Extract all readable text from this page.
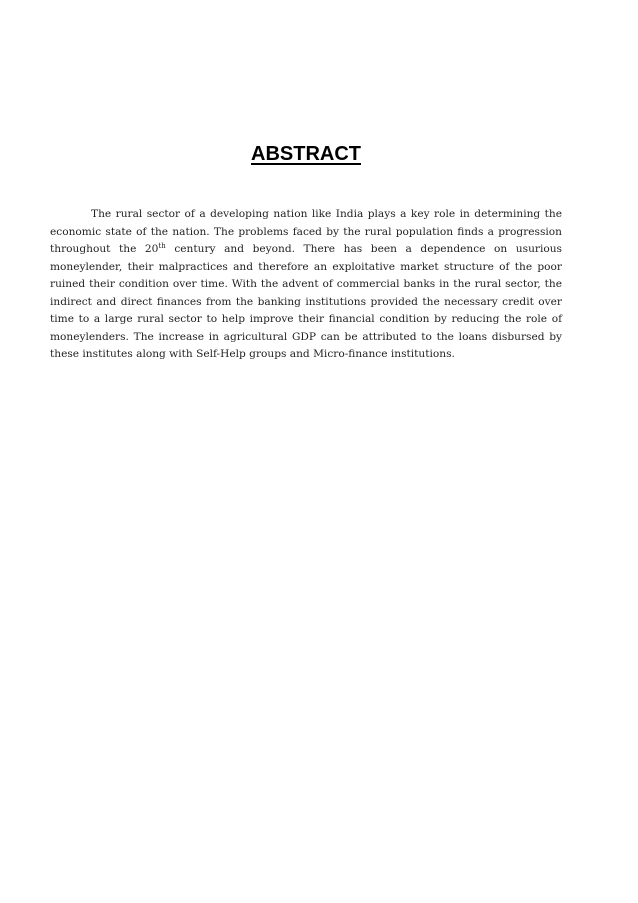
ABSTRACT

The rural sector of a developing nation like India plays a key role in determining the economic state of the nation. The problems faced by the rural population finds a progression throughout the 20th century and beyond. There has been a dependence on usurious moneylender, their malpractices and therefore an exploitative market structure of the poor ruined their condition over time. With the advent of commercial banks in the rural sector, the indirect and direct finances from the banking institutions provided the necessary credit over time to a large rural sector to help improve their financial condition by reducing the role of moneylenders. The increase in agricultural GDP can be attributed to the loans disbursed by these institutes along with Self-Help groups and Micro-finance institutions.
